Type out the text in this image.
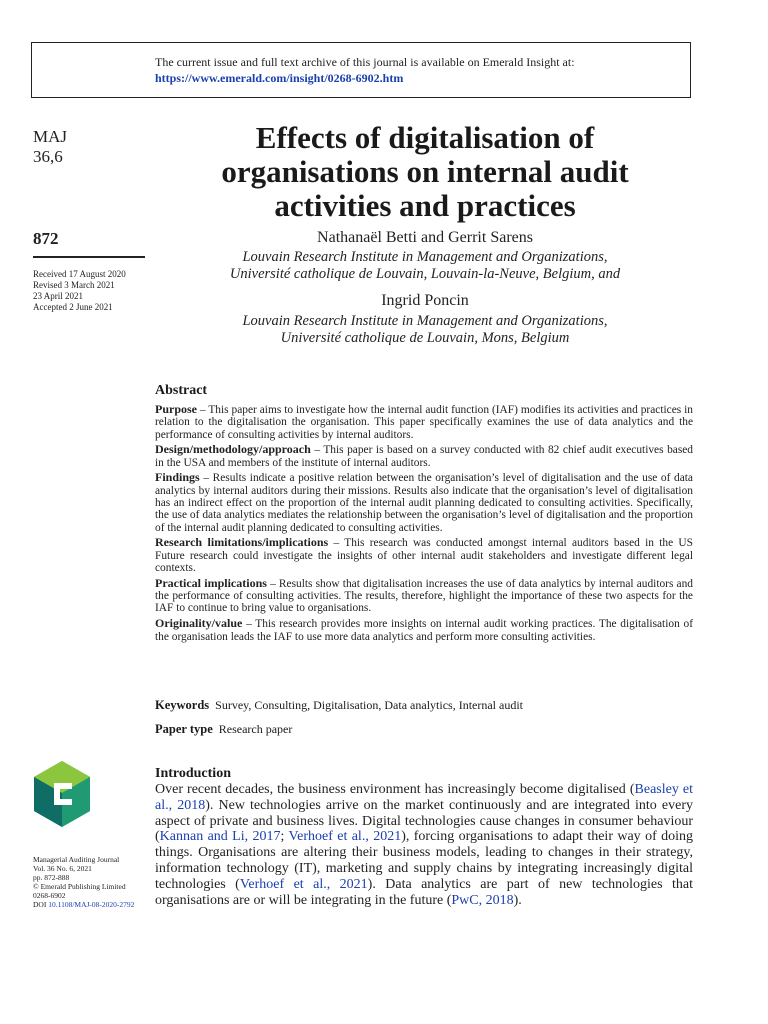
The current issue and full text archive of this journal is available on Emerald Insight at:
https://www.emerald.com/insight/0268-6902.htm
MAJ
36,6
872
Received 17 August 2020
Revised 3 March 2021
23 April 2021
Accepted 2 June 2021
Effects of digitalisation of organisations on internal audit activities and practices
Nathanaël Betti and Gerrit Sarens
Louvain Research Institute in Management and Organizations,
Université catholique de Louvain, Louvain-la-Neuve, Belgium, and
Ingrid Poncin
Louvain Research Institute in Management and Organizations,
Université catholique de Louvain, Mons, Belgium
Abstract

Purpose – This paper aims to investigate how the internal audit function (IAF) modifies its activities and practices in relation to the digitalisation the organisation. This paper specifically examines the use of data analytics and the performance of consulting activities by internal auditors.

Design/methodology/approach – This paper is based on a survey conducted with 82 chief audit executives based in the USA and members of the institute of internal auditors.

Findings – Results indicate a positive relation between the organisation’s level of digitalisation and the use of data analytics by internal auditors during their missions. Results also indicate that the organisation’s level of digitalisation has an indirect effect on the proportion of the internal audit planning dedicated to consulting activities. Specifically, the use of data analytics mediates the relationship between the organisation’s level of digitalisation and the proportion of the internal audit planning dedicated to consulting activities.

Research limitations/implications – This research was conducted amongst internal auditors based in the US Future research could investigate the insights of other internal audit stakeholders and investigate different legal contexts.

Practical implications – Results show that digitalisation increases the use of data analytics by internal auditors and the performance of consulting activities. The results, therefore, highlight the importance of these two aspects for the IAF to continue to bring value to organisations.

Originality/value – This research provides more insights on internal audit working practices. The digitalisation of the organisation leads the IAF to use more data analytics and perform more consulting activities.

Keywords Survey, Consulting, Digitalisation, Data analytics, Internal audit
Paper type Research paper
Introduction
Over recent decades, the business environment has increasingly become digitalised (Beasley et al., 2018). New technologies arrive on the market continuously and are integrated into every aspect of private and business lives. Digital technologies cause changes in consumer behaviour (Kannan and Li, 2017; Verhoef et al., 2021), forcing organisations to adapt their way of doing things. Organisations are altering their business models, leading to changes in their strategy, information technology (IT), marketing and supply chains by integrating increasingly digital technologies (Verhoef et al., 2021). Data analytics are part of new technologies that organisations are or will be integrating in the future (PwC, 2018).
Managerial Auditing Journal
Vol. 36 No. 6, 2021
pp. 872-888
© Emerald Publishing Limited
0268-6902
DOI 10.1108/MAJ-08-2020-2792
